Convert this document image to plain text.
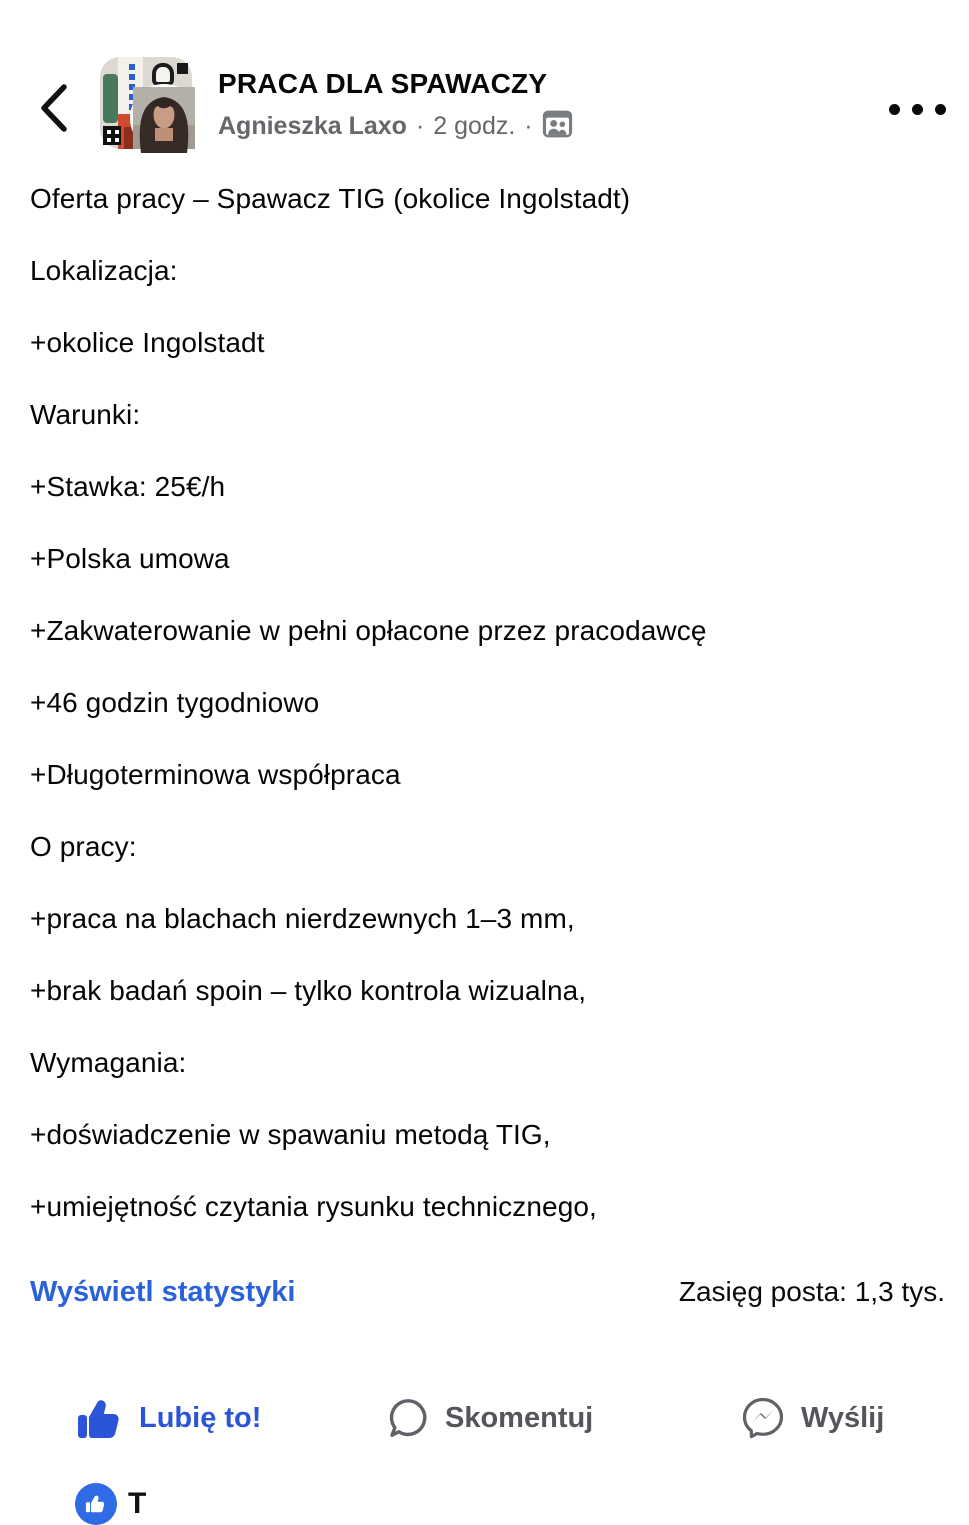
PRACA DLA SPAWACZY
Agnieszka Laxo · 2 godz. ·

Oferta pracy – Spawacz TIG (okolice Ingolstadt)

Lokalizacja:

+okolice Ingolstadt

Warunki:

+Stawka: 25€/h

+Polska umowa

+Zakwaterowanie w pełni opłacone przez pracodawcę

+46 godzin tygodniowo

+Długoterminowa współpraca

O pracy:

+praca na blachach nierdzewnych 1–3 mm,

+brak badań spoin – tylko kontrola wizualna,

Wymagania:

+doświadczenie w spawaniu metodą TIG,

+umiejętność czytania rysunku technicznego,

Wyświetl statystyki	Zasięg posta: 1,3 tys.
Lubię to!	Skomentuj	Wyślij
T
